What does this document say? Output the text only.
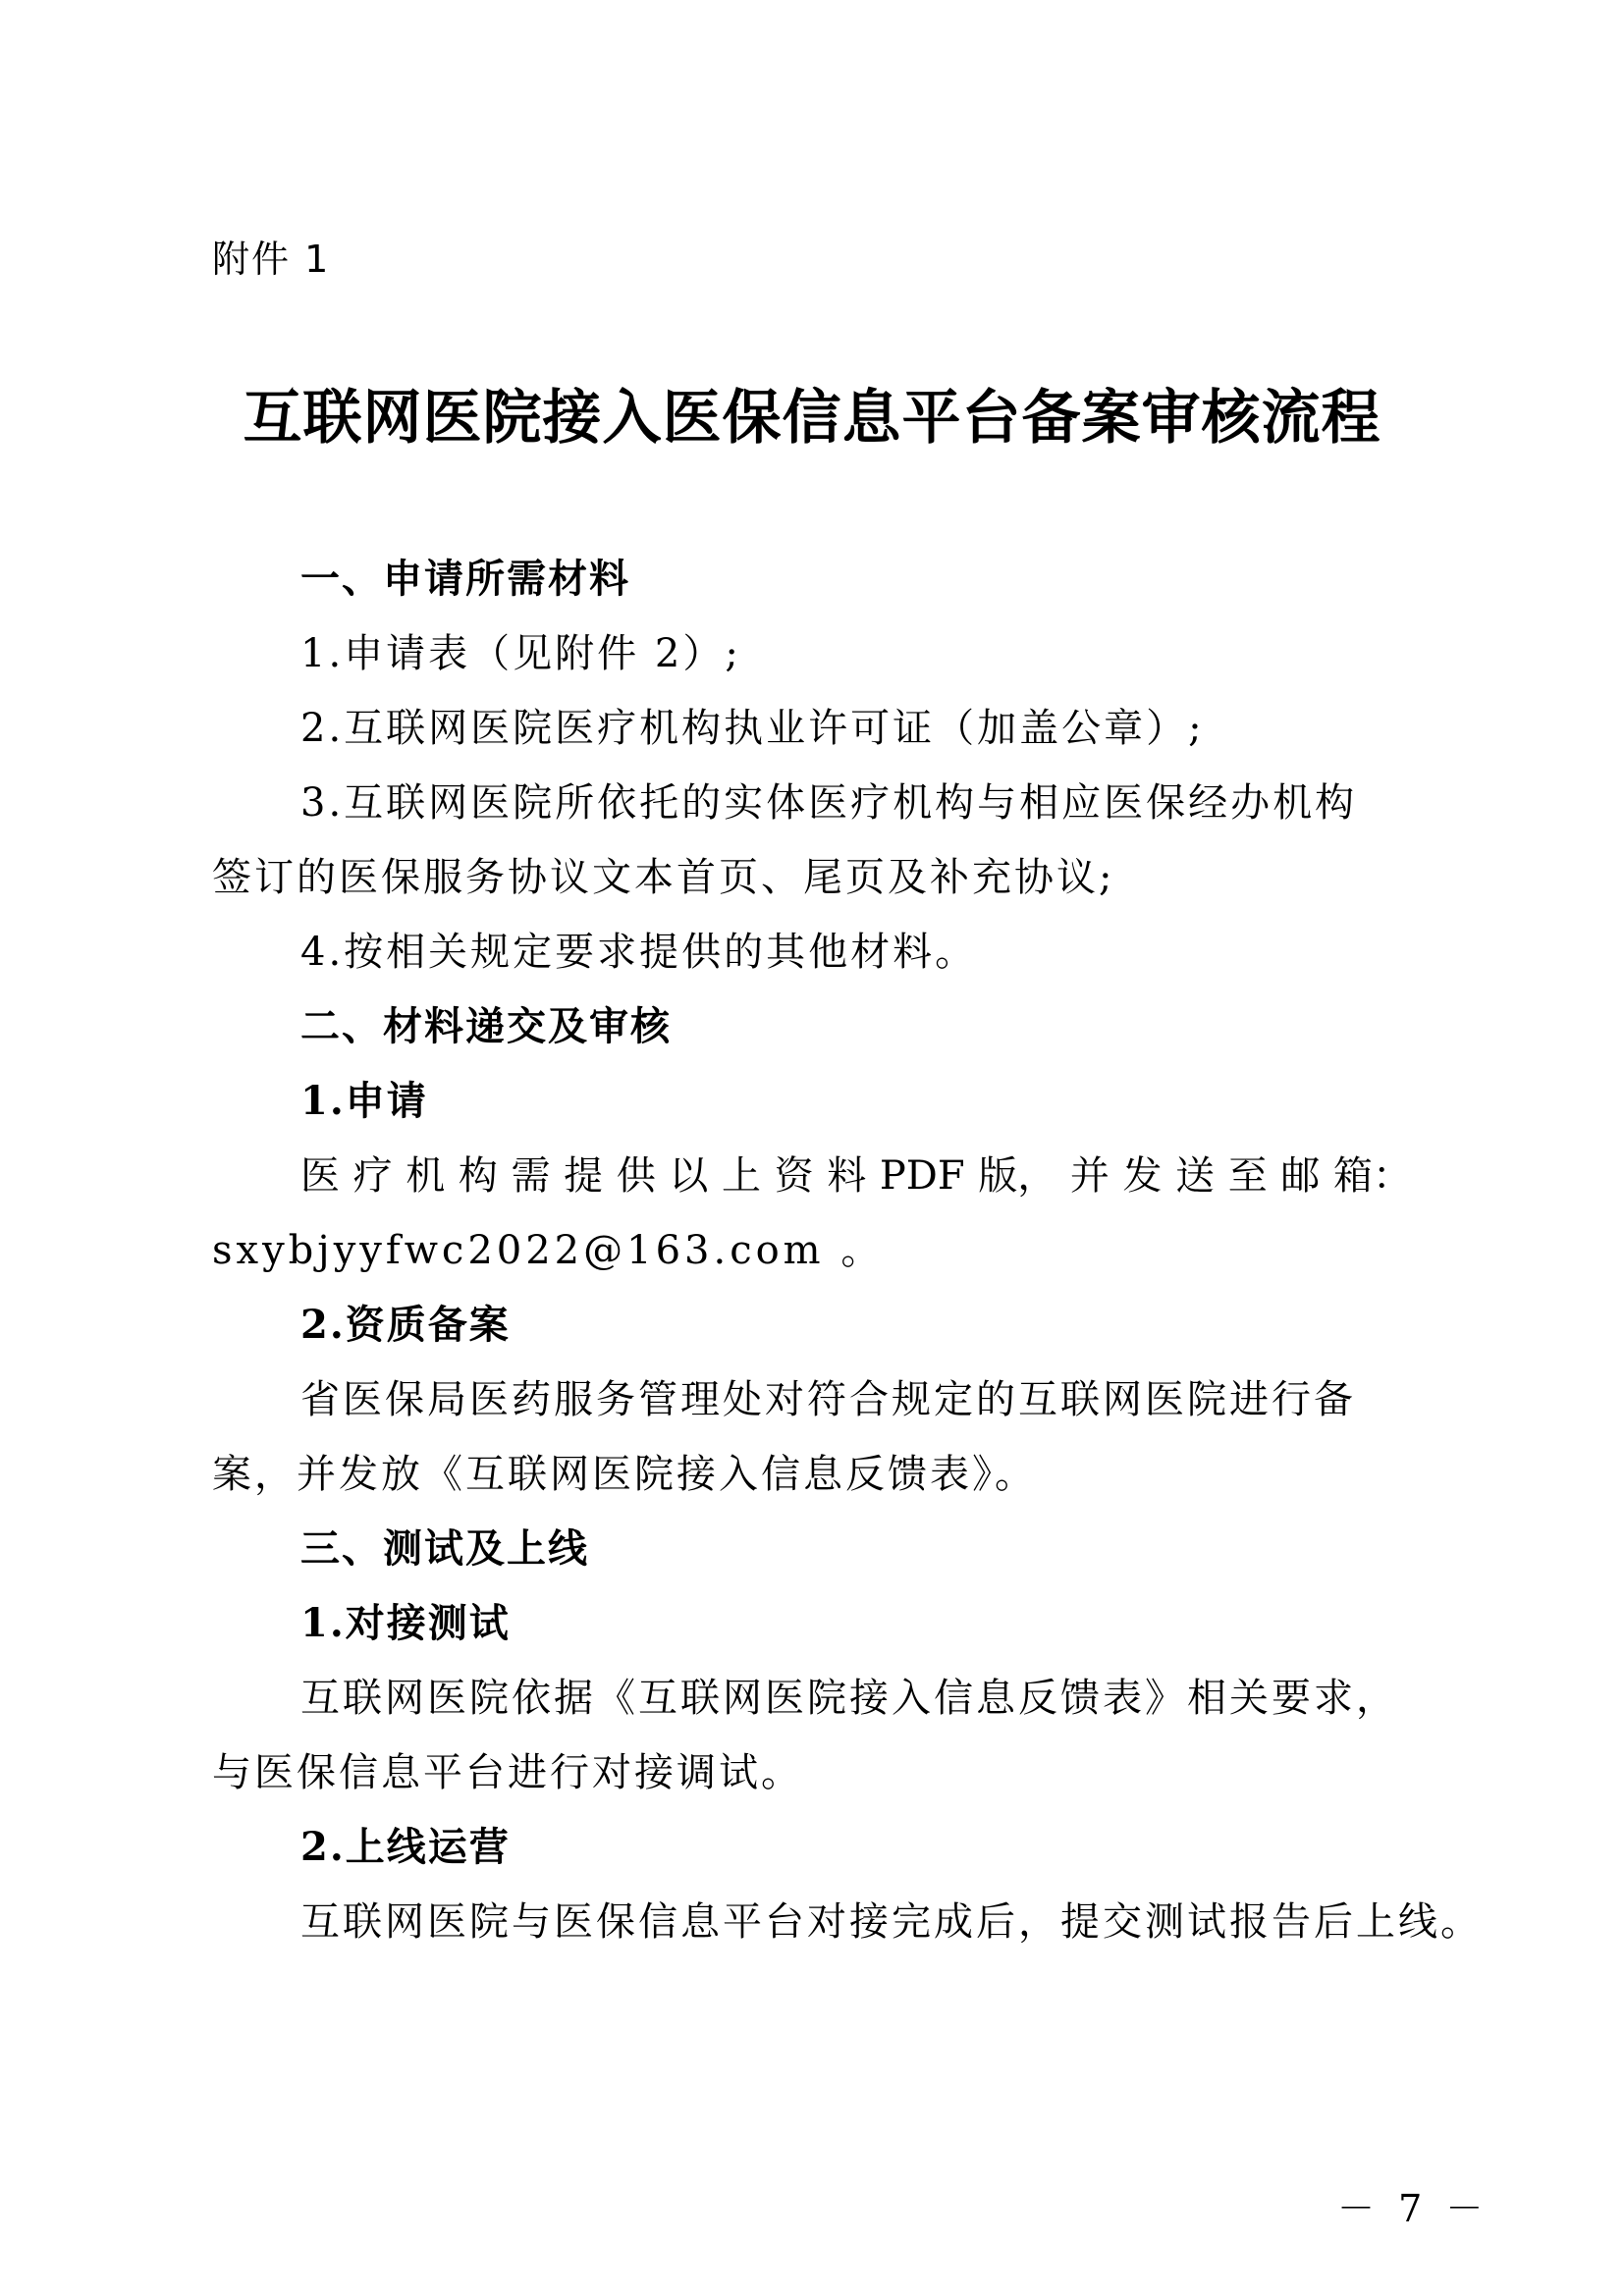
附件 1
互联网医院接入医保信息平台备案审核流程
一、申请所需材料
1.申请表（见附件 2）;
2.互联网医院医疗机构执业许可证（加盖公章）;
3.互联网医院所依托的实体医疗机构与相应医保经办机构
签订的医保服务协议文本首页、尾页及补充协议;
4.按相关规定要求提供的其他材料。
二、材料递交及审核
1.申请
医 疗 机 构 需 提 供 以 上 资 料 PDF 版， 并 发 送 至 邮 箱：
sxybjyyfwc2022@163.com 。
2.资质备案
省医保局医药服务管理处对符合规定的互联网医院进行备
案，并发放《互联网医院接入信息反馈表》。
三、测试及上线
1.对接测试
互联网医院依据《互联网医院接入信息反馈表》相关要求，
与医保信息平台进行对接调试。
2.上线运营
互联网医院与医保信息平台对接完成后，提交测试报告后上线。
－ 7 －
